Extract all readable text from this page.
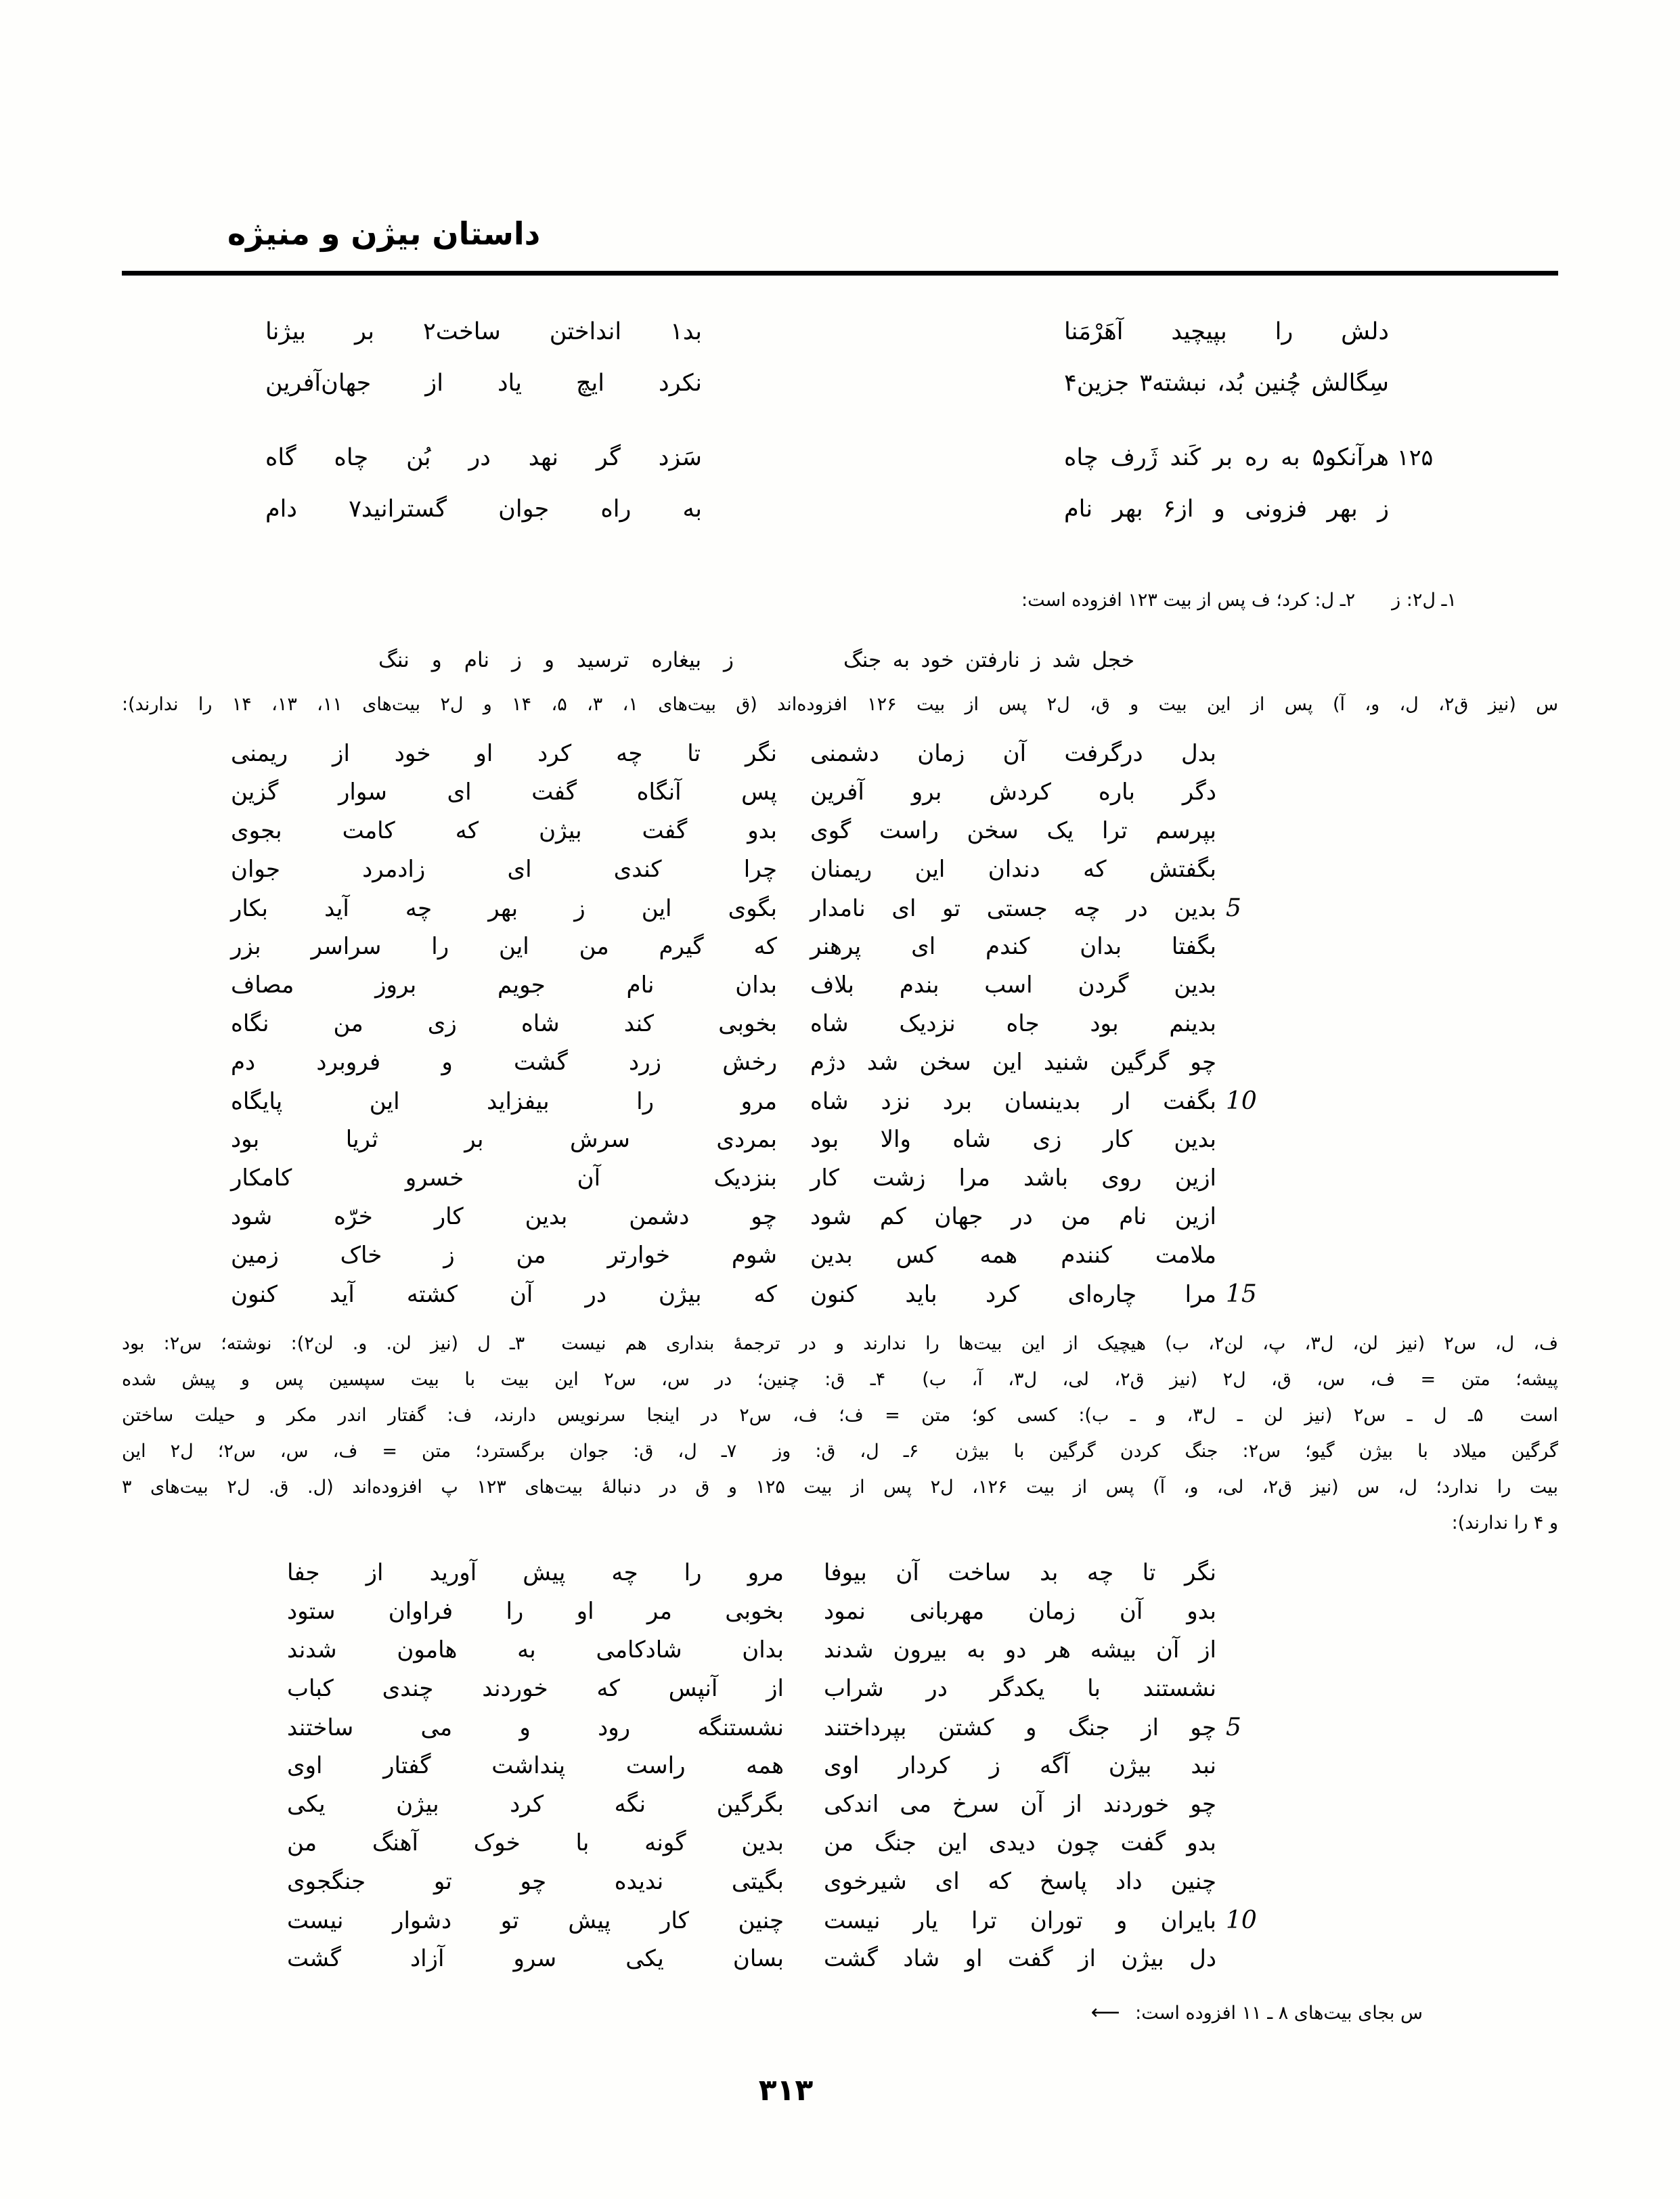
داستان بیژن و منیژه
دلش را بپیچید آهَرْمَنا
بد۱ انداختن ساخت۲ بر بیژنا
سِگالش چُنین بُد، نبشته۳ جزین۴
نکرد ایچ یاد از جهان‌آفرین
۱۲۵
هرآنکو۵ به ره بر کَند ژَرف چاه
سَزد گر نهد در بُن چاه گاه
ز بهر فزونی و از۶ بهر نام
به راه جوان گسترانید۷ دام
۱ـ ل۲: ز  ۲ـ ل: کرد؛ ف پس از بیت ۱۲۳ افزوده است:
خجل شد ز نارفتن خود به جنگ
ز بیغاره ترسید و ز نام و ننگ
س (نیز ق۲، ل، و، آ) پس از این بیت و ق، ل۲ پس از بیت ۱۲۶ افزوده‌اند (ق بیت‌های ۱، ۳، ۵، ۱۴ و ل۲ بیت‌های ۱۱، ۱۳، ۱۴ را ندارند):
بدل درگرفت آن زمان دشمنی
نگر تا چه کرد او خود از ریمنی
دگر باره کردش برو آفرین
پس آنگاه گفت ای سوار گزین
بپرسم ترا یک سخن راست گوی
بدو گفت بیژن که کامت بجوی
بگفتش که دندان این ریمنان
چرا کندی ای زادمرد جوان
5
بدین در چه جستی تو ای نامدار
بگوی این ز بهر چه آید بکار
بگفتا بدان کندم ای پرهنر
که گیرم من این را سراسر بزر
بدین گردن اسب بندم بلاف
بدان نام جویم بروز مصاف
بدینم بود جاه نزدیک شاه
بخوبی کند شاه زی من نگاه
چو گرگین شنید این سخن شد دژم
رخش زرد گشت و فروبرد دم
10
بگفت ار بدینسان برد نزد شاه
مرو را بیفزاید این پایگاه
بدین کار زی شاه والا بود
بمردی سرش بر ثریا بود
ازین روی باشد مرا زشت کار
بنزدیک آن خسرو کامکار
ازین نام من در جهان کم شود
چو دشمن بدین کار خرّه شود
ملامت کنندم همه کس بدین
شوم خوارتر من ز خاک زمین
15
مرا چاره‌ای کرد باید کنون
که بیژن در آن کشته آید کنون
ف، ل، س۲ (نیز لن، ل۳، پ، لن۲، ب) هیچیک از این بیت‌ها را ندارند و در ترجمهٔ بنداری هم نیست  ۳ـ ل (نیز لن. و. لن۲): نوشته؛ س۲: بود
پیشه؛ متن = ف، س، ق، ل۲ (نیز ق۲، لی، ل۳، آ، ب)  ۴ـ ق: چنین؛ در س، س۲ این بیت با بیت سپسین پس و پیش شده
است  ۵ـ ل ـ س۲ (نیز لن ـ ل۳، و ـ ب): کسی کو؛ متن = ف؛ ف، س۲ در اینجا سرنویس دارند، ف: گفتار اندر مکر و حیلت ساختن
گرگین میلاد با بیژن گیو؛ س۲: جنگ کردن گرگین با بیژن  ۶ـ ل، ق: وز  ۷ـ ل، ق: جوان برگسترد؛ متن = ف، س، س۲؛ ل۲ این
بیت را ندارد؛ ل، س (نیز ق۲، لی، و، آ) پس از بیت ۱۲۶، ل۲ پس از بیت ۱۲۵ و ق در دنبالهٔ بیت‌های ۱۲۳ پ افزوده‌اند (ل. ق. ل۲ بیت‌های ۳
و ۴ را ندارند):
نگر تا چه بد ساخت آن بیوفا
مرو را چه پیش آورید از جفا
بدو آن زمان مهربانی نمود
بخوبی مر او را فراوان ستود
از آن بیشه هر دو به بیرون شدند
بدان شادکامی به هامون شدند
نشستند با یکدگر در شراب
از آنپس که خوردند چندی کباب
5
چو از جنگ و کشتن بپرداختند
نشستنگه رود و می ساختند
نبد بیژن آگه ز کردار اوی
همه راست پنداشت گفتار اوی
چو خوردند از آن سرخ می اندکی
بگرگین نگه کرد بیژن یکی
بدو گفت چون دیدی این جنگ من
بدین گونه با خوک آهنگ من
چنین داد پاسخ که ای شیرخوی
بگیتی ندیده چو تو جنگجوی
10
بایران و توران ترا یار نیست
چنین کار پیش تو دشوار نیست
دل بیژن از گفت او شاد گشت
بسان یکی سرو آزاد گشت
س بجای بیت‌های ۸ ـ ۱۱ افزوده است: ⟵
۳۱۳
